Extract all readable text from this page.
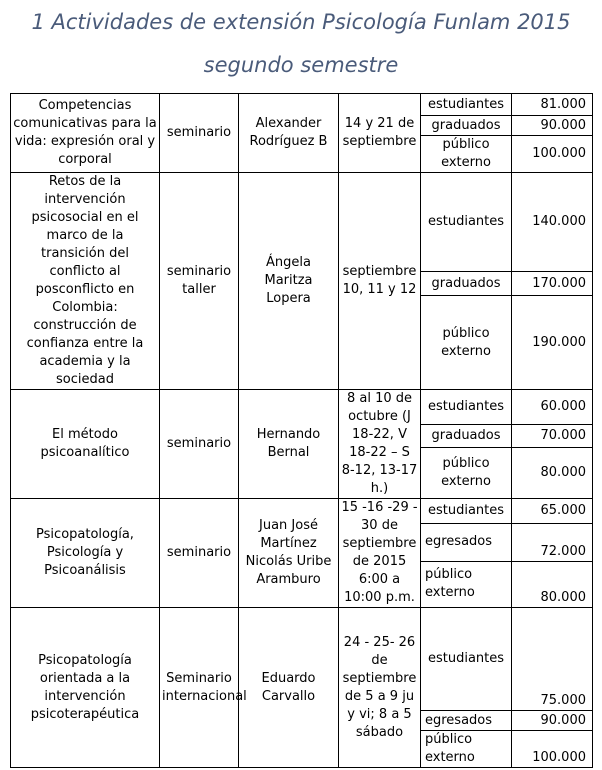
1 Actividades de extensión Psicología Funlam 2015
segundo semestre
Competencias comunicativas para la vida: expresión oral y corporal	seminario	Alexander Rodríguez B	14 y 21 de septiembre	estudiantes	81.000
				graduados	90.000
				público externo	100.000
Retos de la intervención psicosocial en el marco de la transición del conflicto al posconflicto en Colombia: construcción de confianza entre la academia y la sociedad	seminario taller	Ángela Maritza Lopera	septiembre 10, 11 y 12	estudiantes	140.000
				graduados	170.000
				público externo	190.000
El método psicoanalítico	seminario	Hernando Bernal	8 al 10 de octubre (J 18-22, V 18-22 – S 8-12, 13-17 h.)	estudiantes	60.000
				graduados	70.000
				público externo	80.000
Psicopatología, Psicología y Psicoanálisis	seminario	Juan José Martínez Nicolás Uribe Aramburo	15 -16 -29 - 30 de septiembre de 2015 6:00 a 10:00 p.m.	estudiantes	65.000
				egresados	72.000
				público externo	80.000
Psicopatología orientada a la intervención psicoterapéutica	Seminario internacional	Eduardo Carvallo	24 - 25- 26 de septiembre de 5 a 9 ju y vi; 8 a 5 sábado	estudiantes	75.000
				egresados	90.000
				público externo	100.000
